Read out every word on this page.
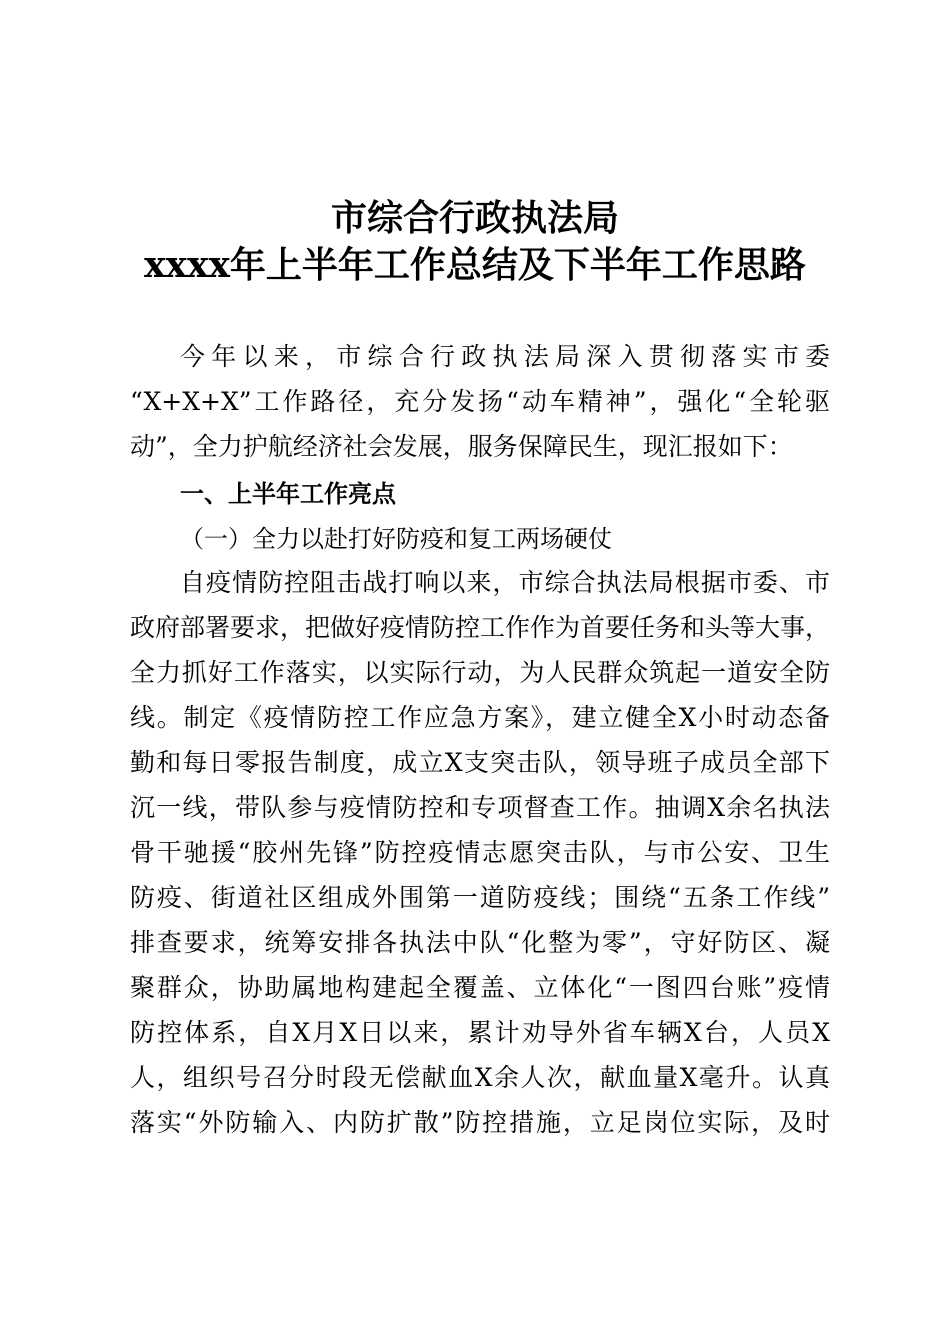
市综合行政执法局
xxxx年上半年工作总结及下半年工作思路
今年以来，市综合行政执法局深入贯彻落实市委
“X+X+X”工作路径，充分发扬“动车精神”，强化“全轮驱
动”，全力护航经济社会发展，服务保障民生，现汇报如下：
一、上半年工作亮点
（一）全力以赴打好防疫和复工两场硬仗
自疫情防控阻击战打响以来，市综合执法局根据市委、市
政府部署要求，把做好疫情防控工作作为首要任务和头等大事，
全力抓好工作落实，以实际行动，为人民群众筑起一道安全防
线。制定《疫情防控工作应急方案》，建立健全X小时动态备
勤和每日零报告制度，成立X支突击队，领导班子成员全部下
沉一线，带队参与疫情防控和专项督查工作。抽调X余名执法
骨干驰援“胶州先锋”防控疫情志愿突击队，与市公安、卫生
防疫、街道社区组成外围第一道防疫线；围绕“五条工作线”
排查要求，统筹安排各执法中队“化整为零”，守好防区、凝
聚群众，协助属地构建起全覆盖、立体化“一图四台账”疫情
防控体系，自X月X日以来，累计劝导外省车辆X台，人员X
人，组织号召分时段无偿献血X余人次，献血量X毫升。认真
落实“外防输入、内防扩散”防控措施，立足岗位实际，及时
